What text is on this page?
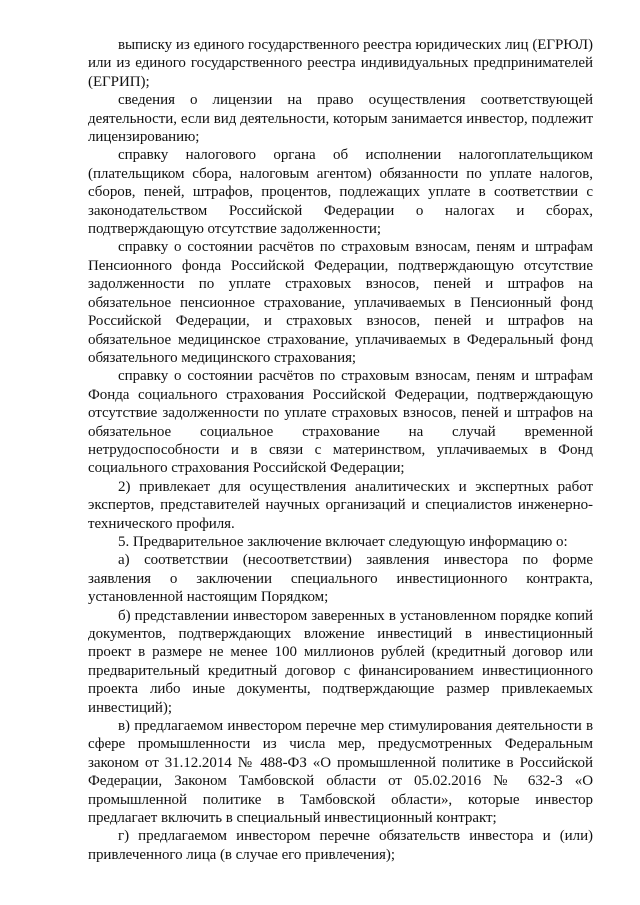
выписку из единого государственного реестра юридических лиц (ЕГРЮЛ) или из единого государственного реестра индивидуальных предпринимателей (ЕГРИП);

сведения о лицензии на право осуществления соответствующей деятельности, если вид деятельности, которым занимается инвестор, подлежит лицензированию;

справку налогового органа об исполнении налогоплательщиком (плательщиком сбора, налоговым агентом) обязанности по уплате налогов, сборов, пеней, штрафов, процентов, подлежащих уплате в соответствии с законодательством Российской Федерации о налогах и сборах, подтверждающую отсутствие задолженности;

справку о состоянии расчётов по страховым взносам, пеням и штрафам Пенсионного фонда Российской Федерации, подтверждающую отсутствие задолженности по уплате страховых взносов, пеней и штрафов на обязательное пенсионное страхование, уплачиваемых в Пенсионный фонд Российской Федерации, и страховых взносов, пеней и штрафов на обязательное медицинское страхование, уплачиваемых в Федеральный фонд обязательного медицинского страхования;

справку о состоянии расчётов по страховым взносам, пеням и штрафам Фонда социального страхования Российской Федерации, подтверждающую отсутствие задолженности по уплате страховых взносов, пеней и штрафов на обязательное социальное страхование на случай временной нетрудоспособности и в связи с материнством, уплачиваемых в Фонд социального страхования Российской Федерации;

2) привлекает для осуществления аналитических и экспертных работ экспертов, представителей научных организаций и специалистов инженерно-технического профиля.

5. Предварительное заключение включает следующую информацию о:

а) соответствии (несоответствии) заявления инвестора по форме заявления о заключении специального инвестиционного контракта, установленной настоящим Порядком;

б) представлении инвестором заверенных в установленном порядке копий документов, подтверждающих вложение инвестиций в инвестиционный проект в размере не менее 100 миллионов рублей (кредитный договор или предварительный кредитный договор с финансированием инвестиционного проекта либо иные документы, подтверждающие размер привлекаемых инвестиций);

в) предлагаемом инвестором перечне мер стимулирования деятельности в сфере промышленности из числа мер, предусмотренных Федеральным законом от 31.12.2014 № 488-ФЗ «О промышленной политике в Российской Федерации, Законом Тамбовской области от 05.02.2016 № 632-З «О промышленной политике в Тамбовской области», которые инвестор предлагает включить в специальный инвестиционный контракт;

г) предлагаемом инвестором перечне обязательств инвестора и (или) привлеченного лица (в случае его привлечения);
